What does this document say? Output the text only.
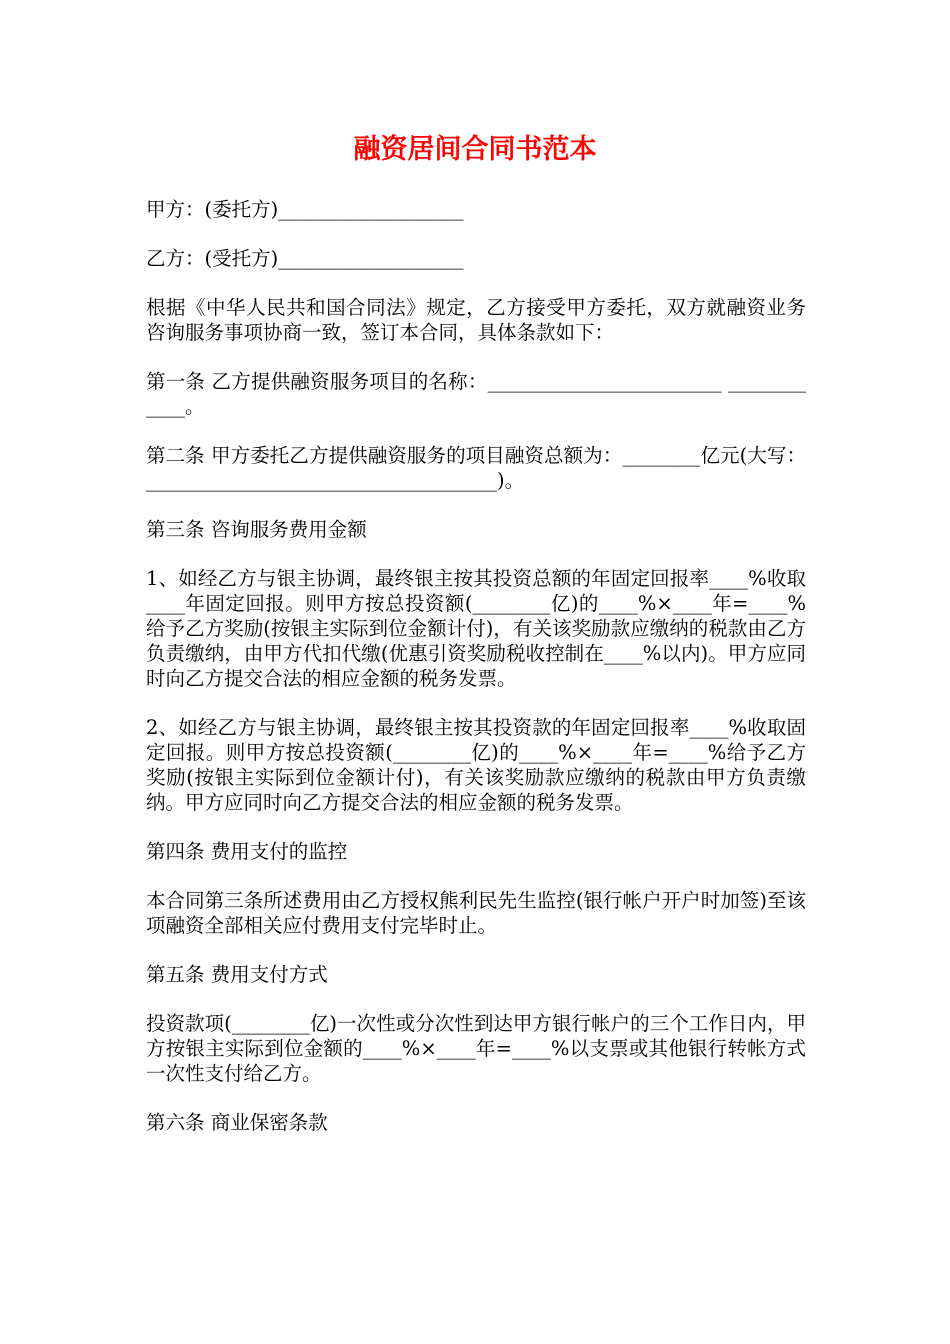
融资居间合同书范本

甲方：(委托方)___________________

乙方：(受托方)___________________

根据《中华人民共和国合同法》规定，乙方接受甲方委托，双方就融资业务咨询服务事项协商一致，签订本合同，具体条款如下：

第一条 乙方提供融资服务项目的名称：________________________ ____________。

第二条 甲方委托乙方提供融资服务的项目融资总额为：________亿元(大写：____________________________________)。

第三条 咨询服务费用金额

1、如经乙方与银主协调，最终银主按其投资总额的年固定回报率____%收取____年固定回报。则甲方按总投资额(________亿)的____%×____年=____%给予乙方奖励(按银主实际到位金额计付)，有关该奖励款应缴纳的税款由乙方负责缴纳，由甲方代扣代缴(优惠引资奖励税收控制在____%以内)。甲方应同时向乙方提交合法的相应金额的税务发票。

2、如经乙方与银主协调，最终银主按其投资款的年固定回报率____%收取固定回报。则甲方按总投资额(________亿)的____%×____年=____%给予乙方奖励(按银主实际到位金额计付)，有关该奖励款应缴纳的税款由甲方负责缴纳。甲方应同时向乙方提交合法的相应金额的税务发票。

第四条 费用支付的监控

本合同第三条所述费用由乙方授权熊利民先生监控(银行帐户开户时加签)至该项融资全部相关应付费用支付完毕时止。

第五条 费用支付方式

投资款项(________亿)一次性或分次性到达甲方银行帐户的三个工作日内，甲方按银主实际到位金额的____%×____年=____%以支票或其他银行转帐方式一次性支付给乙方。

第六条 商业保密条款
